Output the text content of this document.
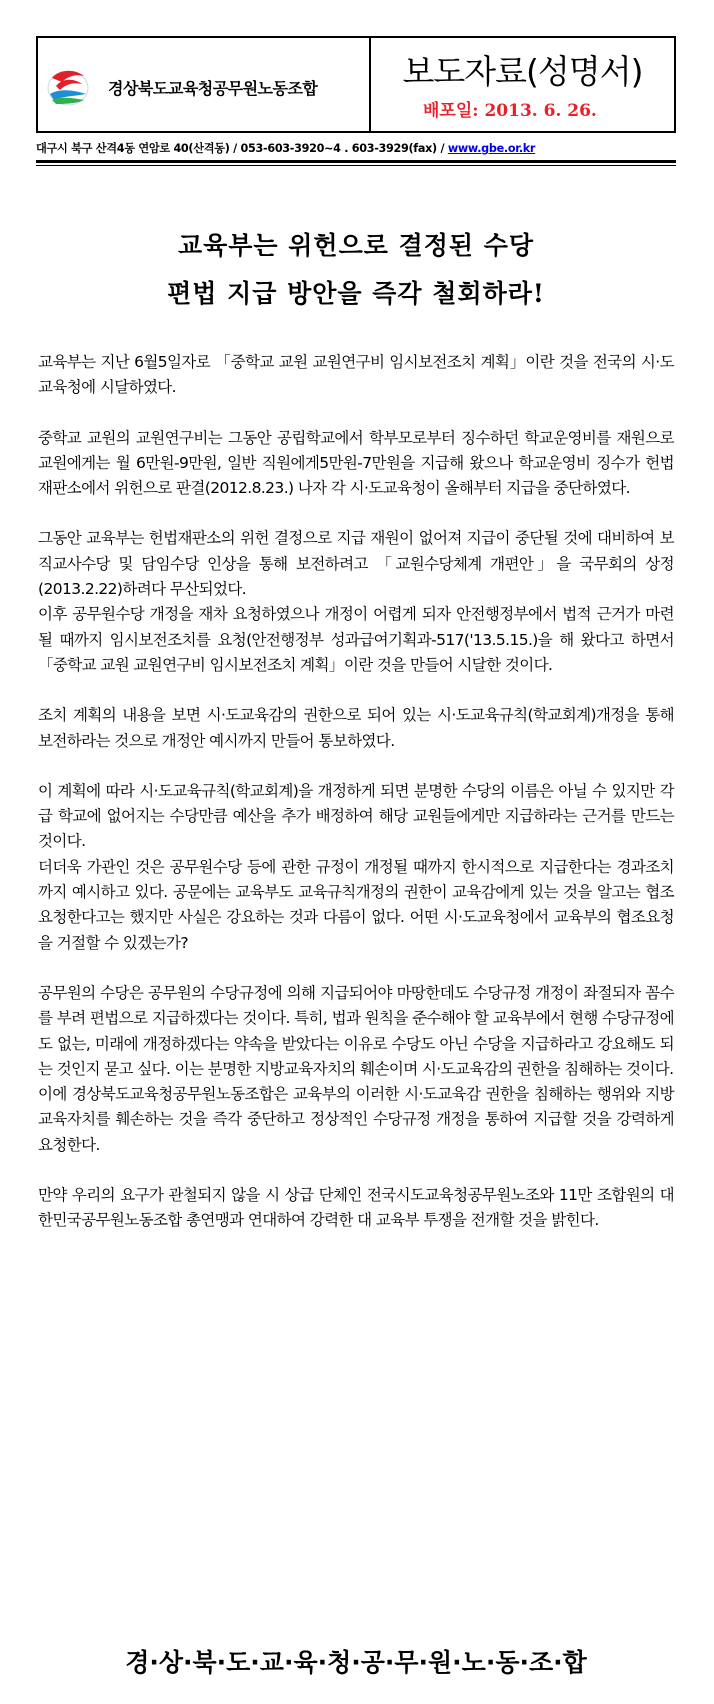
경상북도교육청공무원노동조합	보도자료(성명서)
배포일: 2013. 6. 26.
대구시 북구 산격4동 연암로 40(산격동) / 053-603-3920~4 . 603-3929(fax) / www.gbe.or.kr
교육부는 위헌으로 결정된 수당
편법 지급 방안을 즉각 철회하라!

교육부는 지난 6월5일자로 「중학교 교원 교원연구비 임시보전조치 계획」이란 것을 전국의 시·도교육청에 시달하였다.

중학교 교원의 교원연구비는 그동안 공립학교에서 학부모로부터 징수하던 학교운영비를 재원으로 교원에게는 월 6만원-9만원, 일반 직원에게5만원-7만원을 지급해 왔으나 학교운영비 징수가 헌법재판소에서 위헌으로 판결(2012.8.23.) 나자 각 시·도교육청이 올해부터 지급을 중단하였다.

그동안 교육부는 헌법재판소의 위헌 결정으로 지급 재원이 없어져 지급이 중단될 것에 대비하여 보직교사수당 및 담임수당 인상을 통해 보전하려고 「교원수당체계 개편안」을 국무회의 상정(2013.2.22)하려다 무산되었다.

이후 공무원수당 개정을 재차 요청하였으나 개정이 어렵게 되자 안전행정부에서 법적 근거가 마련될 때까지 임시보전조치를 요청(안전행정부 성과급여기획과-517('13.5.15.)을 해 왔다고 하면서 「중학교 교원 교원연구비 임시보전조치 계획」이란 것을 만들어 시달한 것이다.

조치 계획의 내용을 보면 시·도교육감의 권한으로 되어 있는 시·도교육규칙(학교회계)개정을 통해 보전하라는 것으로 개정안 예시까지 만들어 통보하였다.

이 계획에 따라 시·도교육규칙(학교회계)을 개정하게 되면 분명한 수당의 이름은 아닐 수 있지만 각급 학교에 없어지는 수당만큼 예산을 추가 배정하여 해당 교원들에게만 지급하라는 근거를 만드는 것이다.

더더욱 가관인 것은 공무원수당 등에 관한 규정이 개정될 때까지 한시적으로 지급한다는 경과조치까지 예시하고 있다. 공문에는 교육부도 교육규칙개정의 권한이 교육감에게 있는 것을 알고는 협조 요청한다고는 했지만 사실은 강요하는 것과 다름이 없다. 어떤 시·도교육청에서 교육부의 협조요청을 거절할 수 있겠는가?

공무원의 수당은 공무원의 수당규정에 의해 지급되어야 마땅한데도 수당규정 개정이 좌절되자 꼼수를 부려 편법으로 지급하겠다는 것이다. 특히, 법과 원칙을 준수해야 할 교육부에서 현행 수당규정에도 없는, 미래에 개정하겠다는 약속을 받았다는 이유로 수당도 아닌 수당을 지급하라고 강요해도 되는 것인지 묻고 싶다. 이는 분명한 지방교육자치의 훼손이며 시·도교육감의 권한을 침해하는 것이다.

이에 경상북도교육청공무원노동조합은 교육부의 이러한 시·도교육감 권한을 침해하는 행위와 지방교육자치를 훼손하는 것을 즉각 중단하고 정상적인 수당규정 개정을 통하여 지급할 것을 강력하게 요청한다.

만약 우리의 요구가 관철되지 않을 시 상급 단체인 전국시도교육청공무원노조와 11만 조합원의 대한민국공무원노동조합 총연맹과 연대하여 강력한 대 교육부 투쟁을 전개할 것을 밝힌다.

경·상·북·도·교·육·청·공·무·원·노·동·조·합
